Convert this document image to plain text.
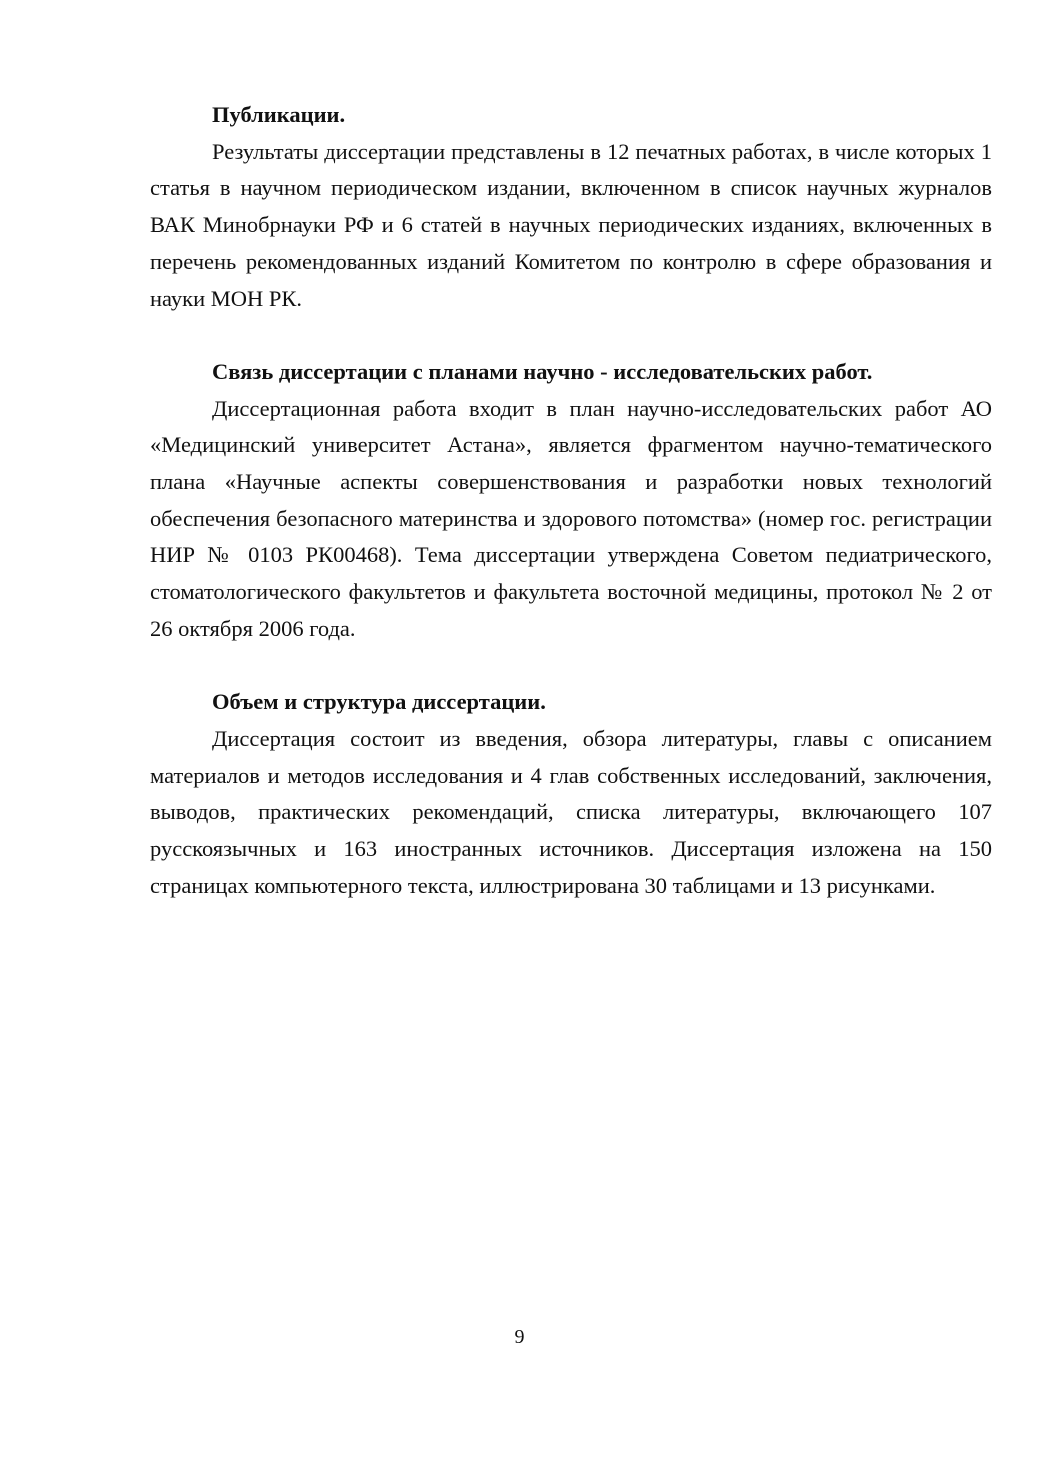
Публикации.

Результаты диссертации представлены в 12 печатных работах, в числе которых 1 статья в научном периодическом издании, включенном в список научных журналов ВАК Минобрнауки РФ и 6 статей в научных периодических изданиях, включенных в перечень рекомендованных изданий Комитетом по контролю в сфере образования и науки МОН РК.

Связь диссертации с планами научно - исследовательских работ.

Диссертационная работа входит в план научно-исследовательских работ АО «Медицинский университет Астана», является фрагментом научно-тематического плана «Научные аспекты совершенствования и разработки новых технологий обеспечения безопасного материнства и здорового потомства» (номер гос. регистрации НИР № 0103 РК00468). Тема диссертации утверждена Советом педиатрического, стоматологического факультетов и факультета восточной медицины, протокол № 2 от 26 октября 2006 года.

Объем и структура диссертации.

Диссертация состоит из введения, обзора литературы, главы с описанием материалов и методов исследования и 4 глав собственных исследований, заключения, выводов, практических рекомендаций, списка литературы, включающего 107 русскоязычных и 163 иностранных источников. Диссертация изложена на 150 страницах компьютерного текста, иллюстрирована 30 таблицами и 13 рисунками.

9
